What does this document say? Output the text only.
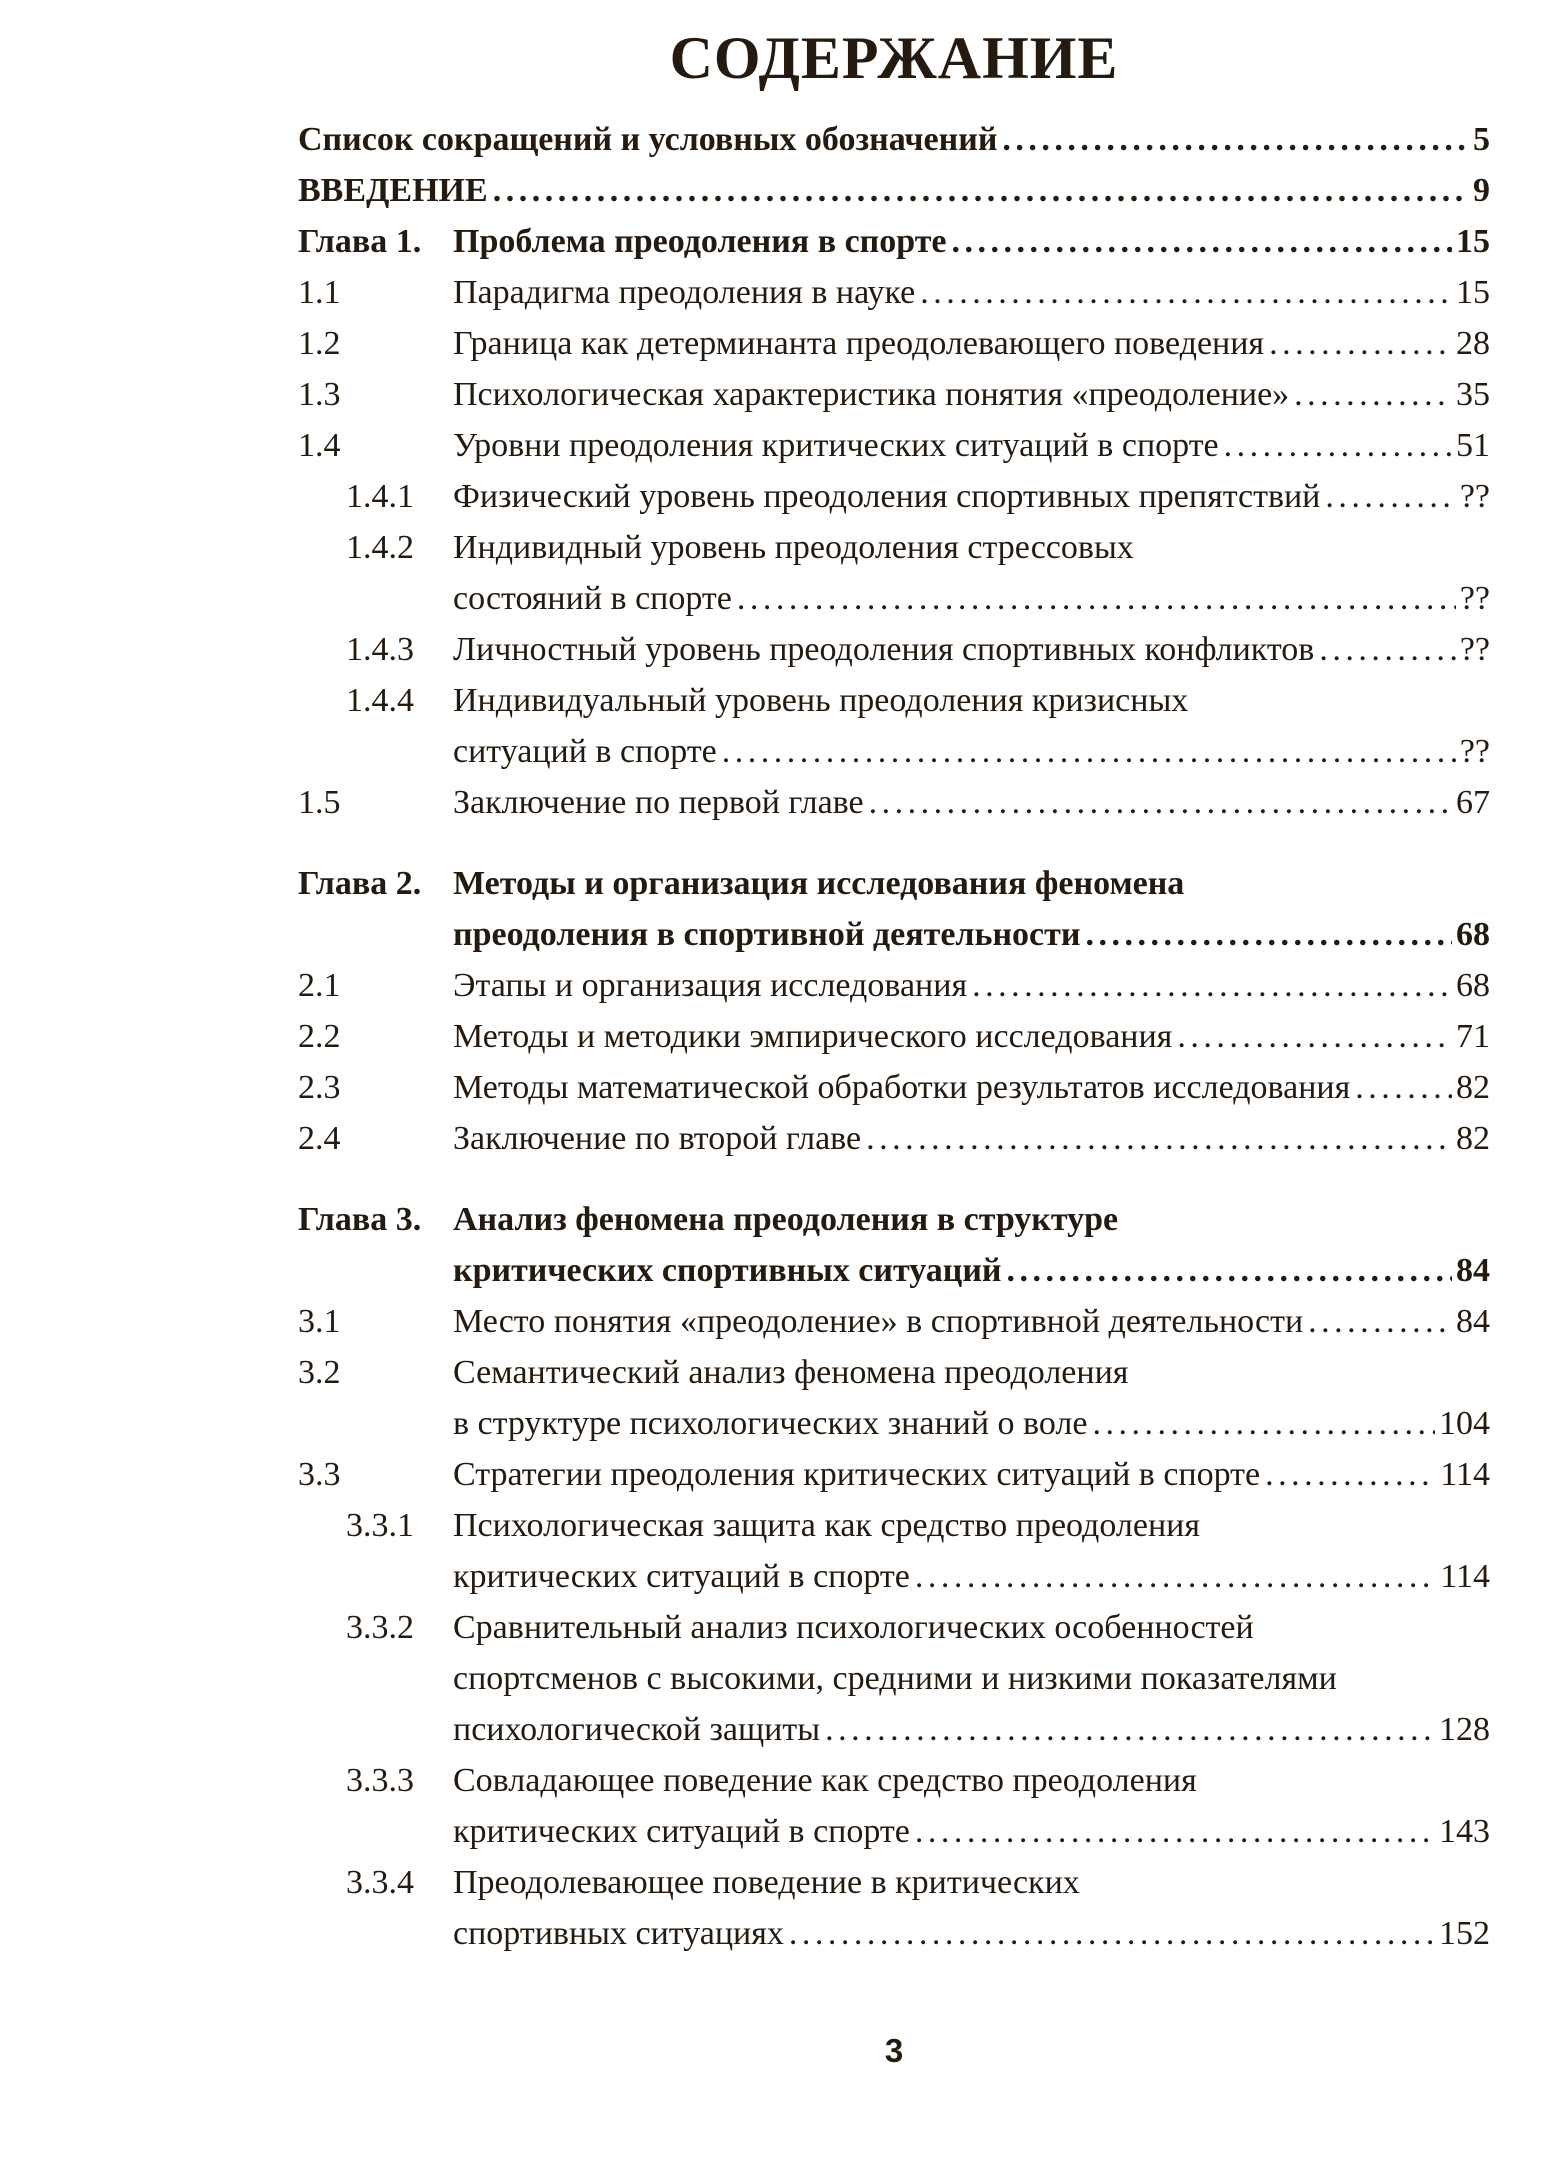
СОДЕРЖАНИЕ
Список сокращений и условных обозначений . . .	5
ВВЕДЕНИЕ . . .	9
Глава 1. Проблема преодоления в спорте . . .	15
1.1	Парадигма преодоления в науке . . .	15
1.2	Граница как детерминанта преодолевающего поведения . . .	28
1.3	Психологическая характеристика понятия «преодоление» . . .	35
1.4	Уровни преодоления критических ситуаций в спорте . . .	51
1.4.1	Физический уровень преодоления спортивных препятствий . . .	??
1.4.2	Индивидный уровень преодоления стрессовых
состояний в спорте . . .	??
1.4.3	Личностный уровень преодоления спортивных конфликтов . . .	??
1.4.4	Индивидуальный уровень преодоления кризисных
ситуаций в спорте . . .	??
1.5	Заключение по первой главе . . .	67
Глава 2. Методы и организация исследования феномена
преодоления в спортивной деятельности . . .	68
2.1	Этапы и организация исследования . . .	68
2.2	Методы и методики эмпирического исследования . . .	71
2.3	Методы математической обработки результатов исследования . . .	82
2.4	Заключение по второй главе . . .	82
Глава 3. Анализ феномена преодоления в структуре
критических спортивных ситуаций . . .	84
3.1	Место понятия «преодоление» в спортивной деятельности . . .	84
3.2	Семантический анализ феномена преодоления
в структуре психологических знаний о воле . . .	104
3.3	Стратегии преодоления критических ситуаций в спорте . . .	114
3.3.1	Психологическая защита как средство преодоления
критических ситуаций в спорте . . .	114
3.3.2	Сравнительный анализ психологических особенностей
спортсменов с высокими, средними и низкими показателями
психологической защиты . . .	128
3.3.3	Совладающее поведение как средство преодоления
критических ситуаций в спорте . . .	143
3.3.4	Преодолевающее поведение в критических
спортивных ситуациях . . .	152
3
